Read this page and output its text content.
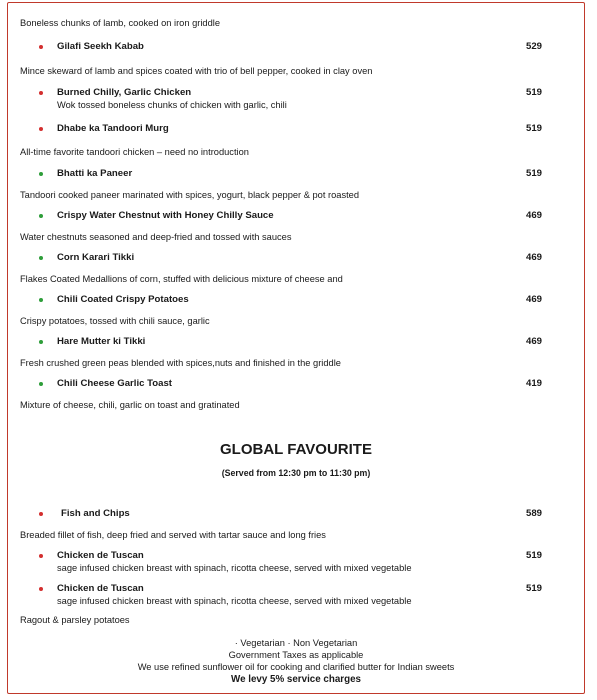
Boneless chunks of lamb, cooked on iron griddle
Gilafi Seekh Kabab	529
Mince skeward of lamb and spices coated with trio of bell pepper, cooked in clay oven
Burned Chilly, Garlic Chicken	519
Wok tossed boneless chunks of chicken with garlic, chili
Dhabe ka Tandoori Murg	519
All-time favorite tandoori chicken – need no introduction
Bhatti ka Paneer	519
Tandoori cooked paneer marinated with spices, yogurt, black pepper & pot roasted
Crispy Water Chestnut with Honey Chilly Sauce	469
Water chestnuts seasoned and deep-fried and tossed with sauces
Corn Karari Tikki	469
Flakes Coated Medallions of corn, stuffed with delicious mixture of cheese and
Chili Coated Crispy Potatoes	469
Crispy potatoes, tossed with chili sauce, garlic
Hare Mutter ki Tikki	469
Fresh crushed green peas blended with spices,nuts and finished in the griddle
Chili Cheese Garlic Toast	419
Mixture of cheese, chili, garlic on toast and gratinated
GLOBAL FAVOURITE
(Served from 12:30 pm to 11:30 pm)
Fish and Chips	589
Breaded fillet of fish, deep fried and served with tartar sauce and long fries
Chicken de Tuscan	519
sage infused chicken breast with spinach, ricotta cheese, served with mixed vegetable
Chicken de Tuscan	519
sage infused chicken breast with spinach, ricotta cheese, served with mixed vegetable
Ragout & parsley potatoes
· Vegetarian · Non Vegetarian
Government Taxes as applicable
We use refined sunflower oil for cooking and clarified butter for Indian sweets
We levy 5% service charges
